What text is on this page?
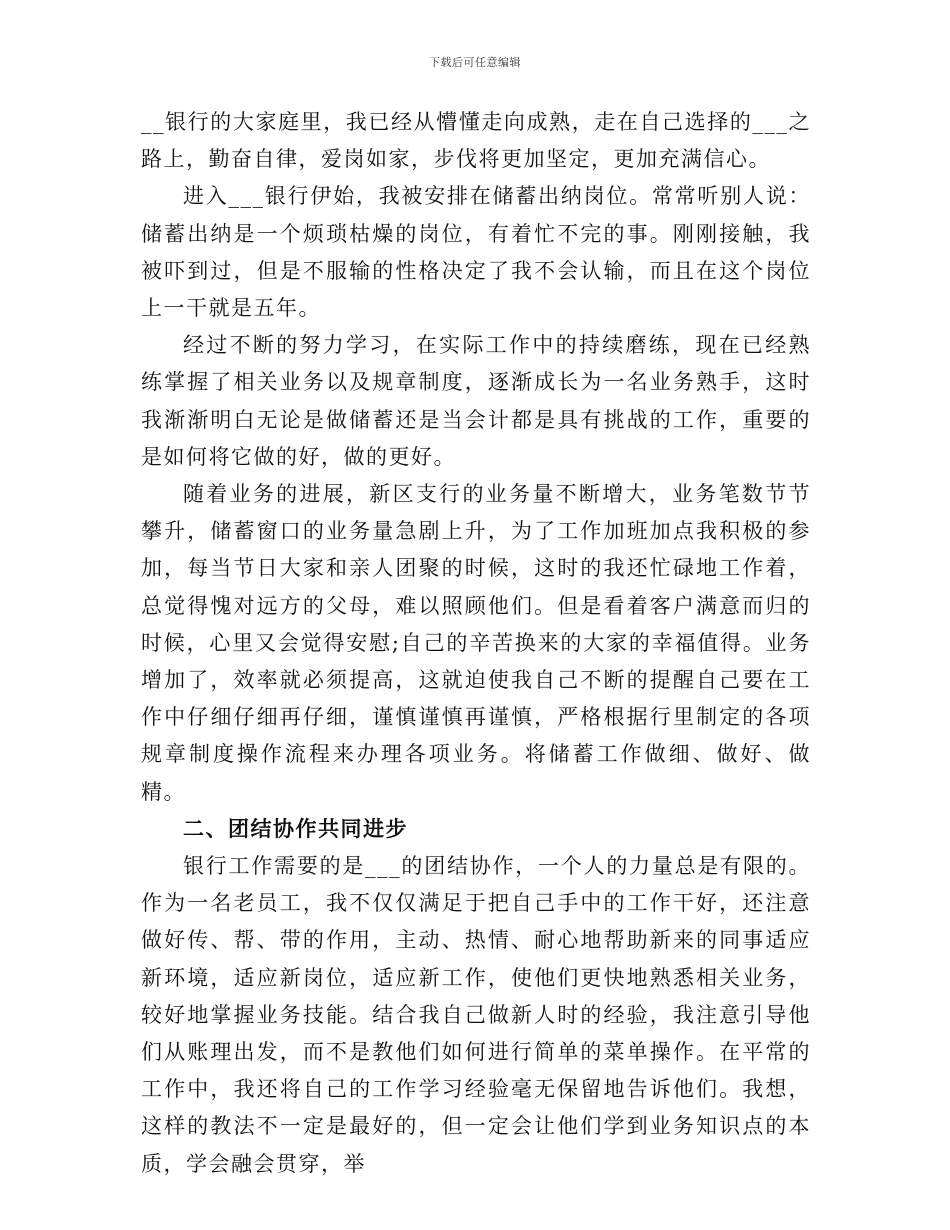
下载后可任意编辑

__银行的大家庭里，我已经从懵懂走向成熟，走在自己选择的___之路上，勤奋自律，爱岗如家，步伐将更加坚定，更加充满信心。

进入___银行伊始，我被安排在储蓄出纳岗位。常常听别人说：储蓄出纳是一个烦琐枯燥的岗位，有着忙不完的事。刚刚接触，我被吓到过，但是不服输的性格决定了我不会认输，而且在这个岗位上一干就是五年。

经过不断的努力学习，在实际工作中的持续磨练，现在已经熟练掌握了相关业务以及规章制度，逐渐成长为一名业务熟手，这时我渐渐明白无论是做储蓄还是当会计都是具有挑战的工作，重要的是如何将它做的好，做的更好。

随着业务的进展，新区支行的业务量不断增大，业务笔数节节攀升，储蓄窗口的业务量急剧上升，为了工作加班加点我积极的参加，每当节日大家和亲人团聚的时候，这时的我还忙碌地工作着，总觉得愧对远方的父母，难以照顾他们。但是看着客户满意而归的时候，心里又会觉得安慰;自己的辛苦换来的大家的幸福值得。业务增加了，效率就必须提高，这就迫使我自己不断的提醒自己要在工作中仔细仔细再仔细，谨慎谨慎再谨慎，严格根据行里制定的各项规章制度操作流程来办理各项业务。将储蓄工作做细、做好、做精。

二、团结协作共同进步

银行工作需要的是___的团结协作，一个人的力量总是有限的。作为一名老员工，我不仅仅满足于把自己手中的工作干好，还注意做好传、帮、带的作用，主动、热情、耐心地帮助新来的同事适应新环境，适应新岗位，适应新工作，使他们更快地熟悉相关业务，较好地掌握业务技能。结合我自己做新人时的经验，我注意引导他们从账理出发，而不是教他们如何进行简单的菜单操作。在平常的工作中，我还将自己的工作学习经验毫无保留地告诉他们。我想，这样的教法不一定是最好的，但一定会让他们学到业务知识点的本质，学会融会贯穿，举
